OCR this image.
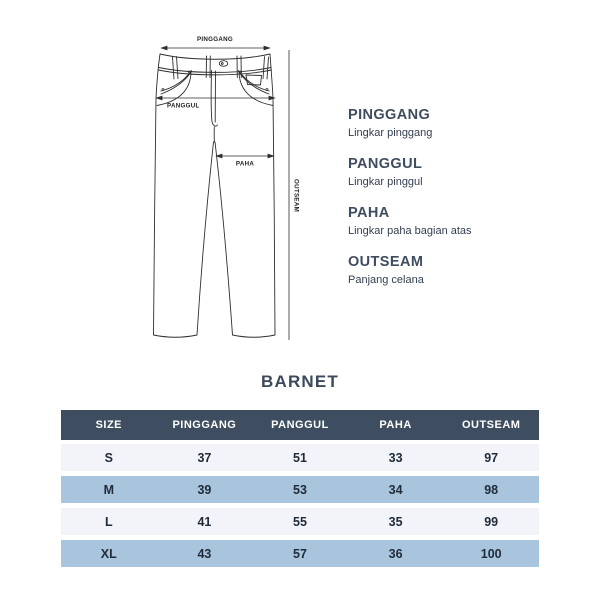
PINGGANG
PANGGUL
PAHA
OUTSEAM
PINGGANG
Lingkar pinggang
PANGGUL
Lingkar pinggul
PAHA
Lingkar paha bagian atas
OUTSEAM
Panjang celana
BARNET
SIZE	PINGGANG	PANGGUL	PAHA	OUTSEAM
S	37	51	33	97
M	39	53	34	98
L	41	55	35	99
XL	43	57	36	100
